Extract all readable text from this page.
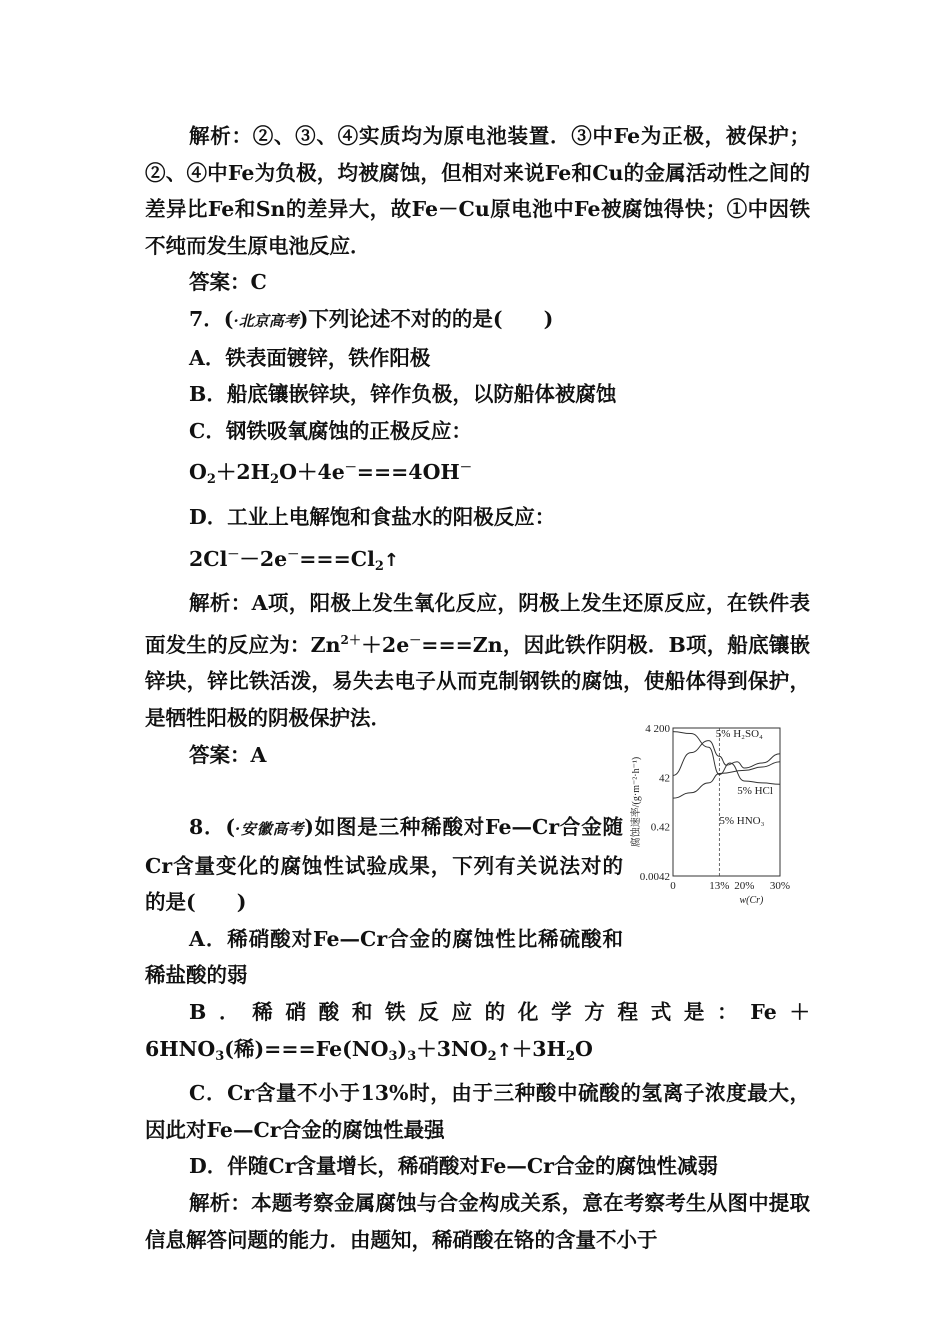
解析：②、③、④实质均为原电池装置．③中Fe为正极，被保护；②、④中Fe为负极，均被腐蚀，但相对来说Fe和Cu的金属活动性之间的差异比Fe和Sn的差异大，故Fe－Cu原电池中Fe被腐蚀得快；①中因铁不纯而发生原电池反应．

答案：C

7．(·北京高考)下列论述不对的的是(　　)

A．铁表面镀锌，铁作阳极

B．船底镶嵌锌块，锌作负极，以防船体被腐蚀

C．钢铁吸氧腐蚀的正极反应：

$O_2+2H_2O+4e^-===4OH^-$

D．工业上电解饱和食盐水的阳极反应：

$2Cl^--2e^-===Cl_2↑$

解析：A项，阳极上发生氧化反应，阴极上发生还原反应，在铁件表面发生的反应为：$Zn^{2+}+2e^-===Zn$，因此铁作阴极．B项，船底镶嵌锌块，锌比铁活泼，易失去电子从而克制钢铁的腐蚀，使船体得到保护，是牺牲阳极的阴极保护法．

答案：A

8．(·安徽高考)如图是三种稀酸对Fe—Cr合金随Cr含量变化的腐蚀性试验成果，下列有关说法对的的是(　　)

A．稀硝酸对Fe—Cr合金的腐蚀性比稀硫酸和稀盐酸的弱

B．稀硝酸和铁反应的化学方程式是：$Fe+6HNO_3$(稀)$===Fe(NO_3)_3+3NO_2↑+3H_2O$

C．Cr含量不小于13%时，由于三种酸中硫酸的氢离子浓度最大，因此对Fe—Cr合金的腐蚀性最强

D．伴随Cr含量增长，稀硝酸对Fe—Cr合金的腐蚀性减弱

解析：本题考察金属腐蚀与合金构成关系，意在考察考生从图中提取信息解答问题的能力．由题知，稀硝酸在铬的含量不小于

4 200
42
0.42
0.0042
0	13% 20% 30%
5% H₂SO₄
5% HCl
5% HNO₃
腐蚀速率/(g·m⁻²·h⁻¹)
w(Cr)
